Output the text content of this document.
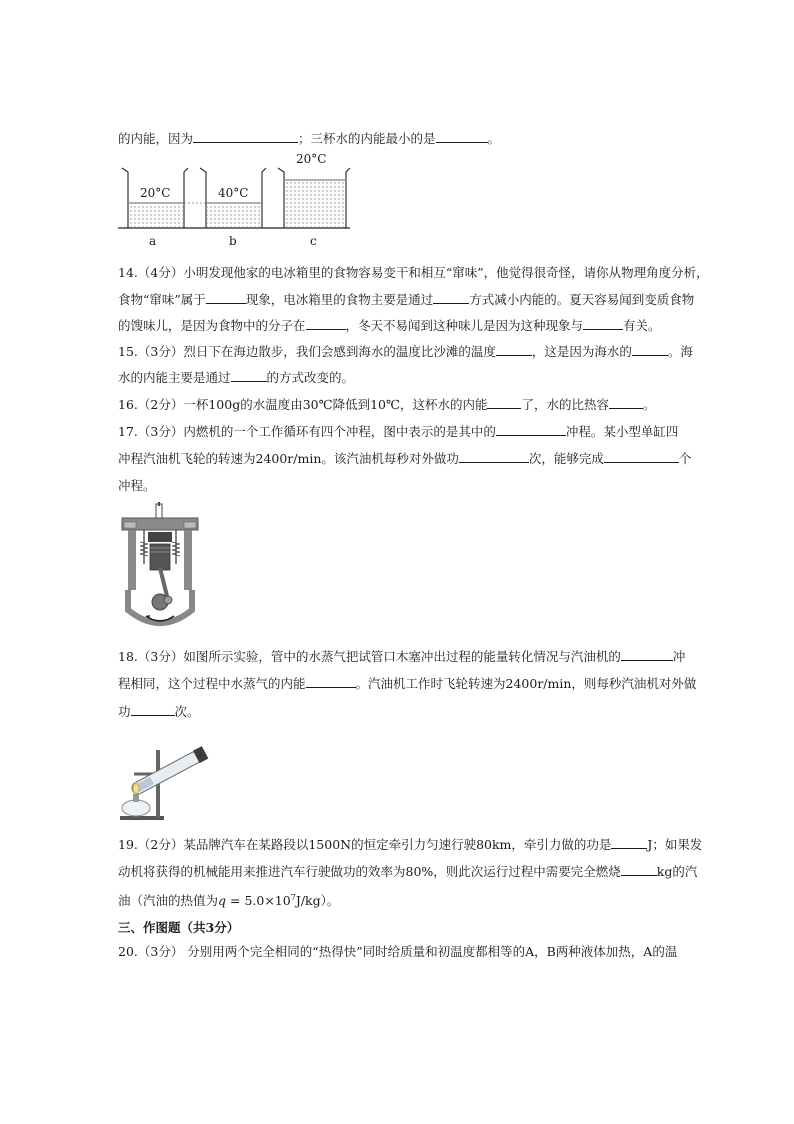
的内能，因为	；三杯水的内能最小的是	。
20°C	40°C
20°C
a	b	c
14.（4分）小明发现他家的电冰箱里的食物容易变干和相互“窜味”，他觉得很奇怪，请你从物理角度分析，
食物“窜味”属于	现象，电冰箱里的食物主要是通过	方式减小内能的。夏天容易闻到变质食物
的馊味儿，是因为食物中的分子在	，冬天不易闻到这种味儿是因为这种现象与	有关。
15.（3分）烈日下在海边散步，我们会感到海水的温度比沙滩的温度	，这是因为海水的	。海
水的内能主要是通过	的方式改变的。
16.（2分）一杯100g的水温度由30℃降低到10℃，这杯水的内能	了，水的比热容	。
17.（3分）内燃机的一个工作循环有四个冲程，图中表示的是其中的	冲程。某小型单缸四
冲程汽油机飞轮的转速为2400r/min。该汽油机每秒对外做功	次，能够完成	个
冲程。
18.（3分）如图所示实验，管中的水蒸气把试管口木塞冲出过程的能量转化情况与汽油机的	冲
程相同，这个过程中水蒸气的内能	。汽油机工作时飞轮转速为2400r/min，则每秒汽油机对外做
功	次。
19.（2分）某品牌汽车在某路段以1500N的恒定牵引力匀速行驶80km，牵引力做的功是	J；如果发
动机将获得的机械能用来推进汽车行驶做功的效率为80%，则此次运行过程中需要完全燃烧	kg的汽
油（汽油的热值为$q = 5.0\times 10^7J/kg$）。
三、作图题（共3分）
20.（3分） 分别用两个完全相同的“热得快”同时给质量和初温度都相等的A，B两种液体加热，A的温
